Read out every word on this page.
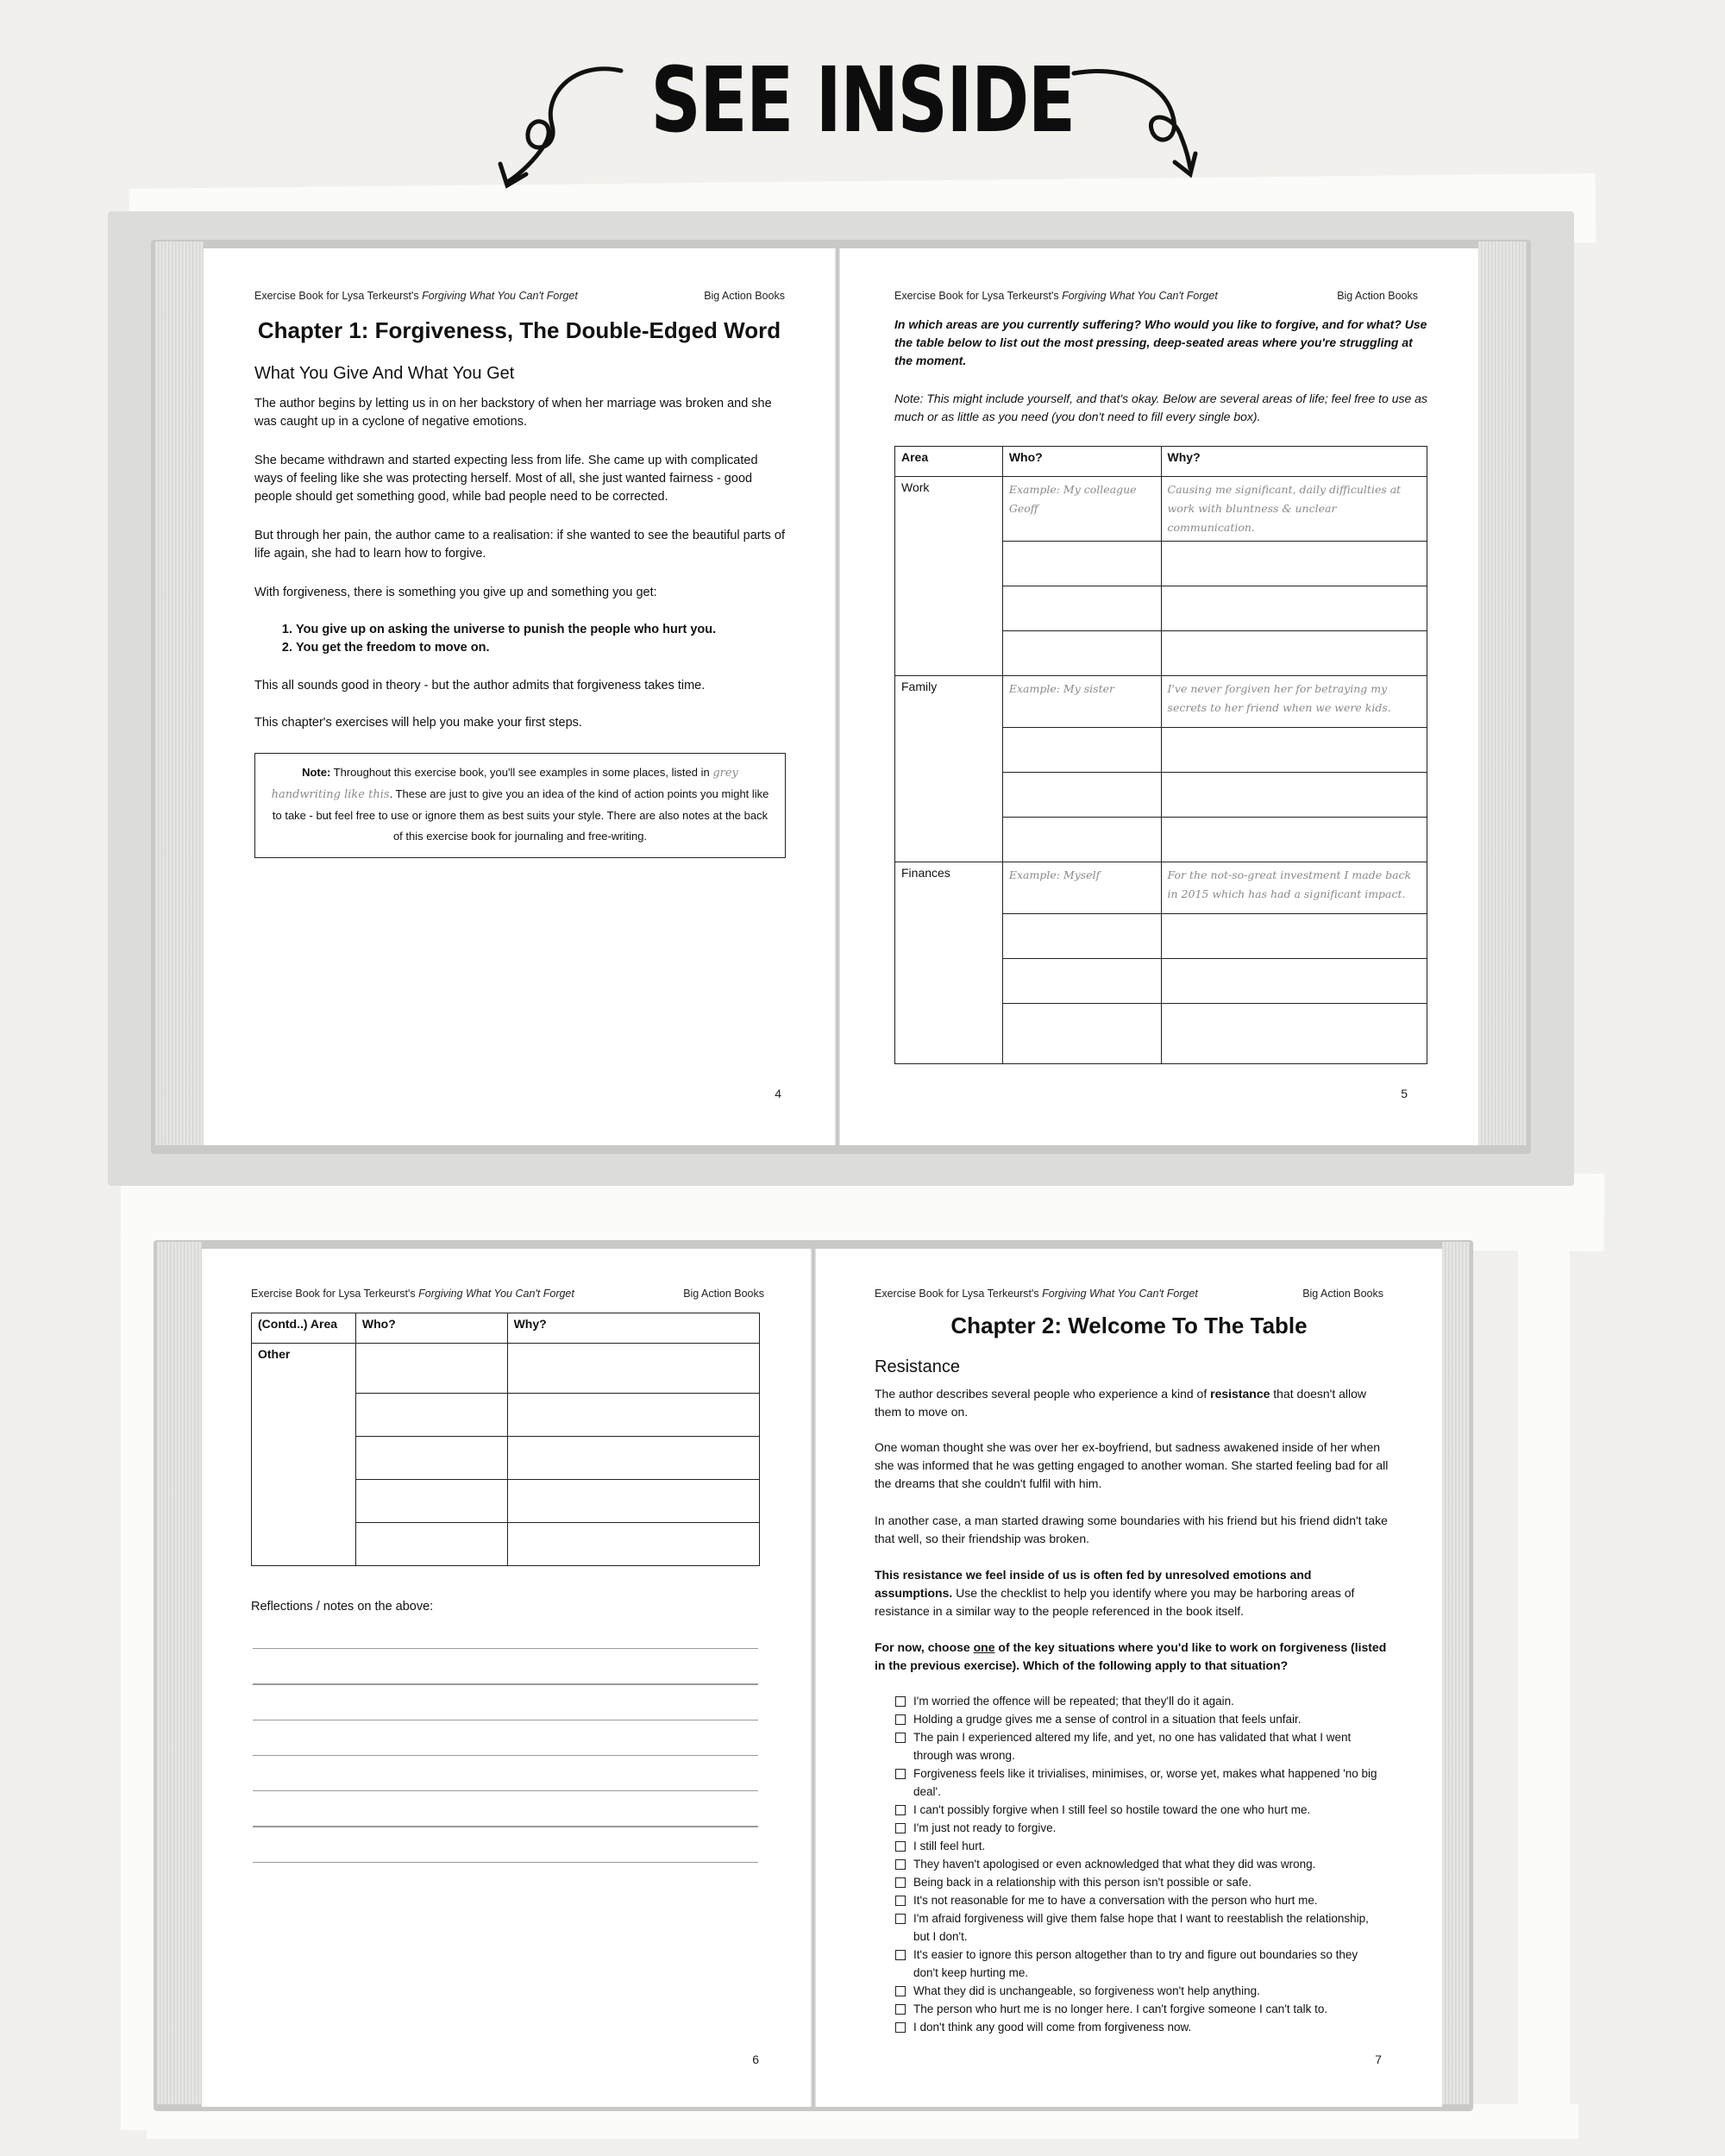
SEE INSIDE
Exercise Book for Lysa Terkeurst's Forgiving What You Can't Forget	Big Action Books
Chapter 1: Forgiveness, The Double-Edged Word
What You Give And What You Get
The author begins by letting us in on her backstory of when her marriage was broken and she was caught up in a cyclone of negative emotions.
She became withdrawn and started expecting less from life. She came up with complicated ways of feeling like she was protecting herself. Most of all, she just wanted fairness - good people should get something good, while bad people need to be corrected.
But through her pain, the author came to a realisation: if she wanted to see the beautiful parts of life again, she had to learn how to forgive.
With forgiveness, there is something you give up and something you get:
1. You give up on asking the universe to punish the people who hurt you.
2. You get the freedom to move on.
This all sounds good in theory - but the author admits that forgiveness takes time.
This chapter's exercises will help you make your first steps.
Note: Throughout this exercise book, you'll see examples in some places, listed in grey handwriting like this. These are just to give you an idea of the kind of action points you might like to take - but feel free to use or ignore them as best suits your style. There are also notes at the back of this exercise book for journaling and free-writing.
4
Exercise Book for Lysa Terkeurst's Forgiving What You Can't Forget	Big Action Books
In which areas are you currently suffering? Who would you like to forgive, and for what? Use the table below to list out the most pressing, deep-seated areas where you're struggling at the moment.
Note: This might include yourself, and that's okay. Below are several areas of life; feel free to use as much or as little as you need (you don't need to fill every single box).
Area	Who?	Why?
Work	Example: My colleague Geoff	Causing me significant, daily difficulties at work with bluntness & unclear communication.

Family	Example: My sister	I've never forgiven her for betraying my secrets to her friend when we were kids.

Finances	Example: Myself	For the not-so-great investment I made back in 2015 which has had a significant impact.

5
Exercise Book for Lysa Terkeurst's Forgiving What You Can't Forget	Big Action Books
(Contd..) Area	Who?	Why?
Other		

Reflections / notes on the above:
6
Exercise Book for Lysa Terkeurst's Forgiving What You Can't Forget	Big Action Books
Chapter 2: Welcome To The Table
Resistance
The author describes several people who experience a kind of resistance that doesn't allow them to move on.
One woman thought she was over her ex-boyfriend, but sadness awakened inside of her when she was informed that he was getting engaged to another woman. She started feeling bad for all the dreams that she couldn't fulfil with him.
In another case, a man started drawing some boundaries with his friend but his friend didn't take that well, so their friendship was broken.
This resistance we feel inside of us is often fed by unresolved emotions and assumptions. Use the checklist to help you identify where you may be harboring areas of resistance in a similar way to the people referenced in the book itself.
For now, choose one of the key situations where you'd like to work on forgiveness (listed in the previous exercise). Which of the following apply to that situation?
I'm worried the offence will be repeated; that they'll do it again.
Holding a grudge gives me a sense of control in a situation that feels unfair.
The pain I experienced altered my life, and yet, no one has validated that what I went through was wrong.
Forgiveness feels like it trivialises, minimises, or, worse yet, makes what happened 'no big deal'.
I can't possibly forgive when I still feel so hostile toward the one who hurt me.
I'm just not ready to forgive.
I still feel hurt.
They haven't apologised or even acknowledged that what they did was wrong.
Being back in a relationship with this person isn't possible or safe.
It's not reasonable for me to have a conversation with the person who hurt me.
I'm afraid forgiveness will give them false hope that I want to reestablish the relationship, but I don't.
It's easier to ignore this person altogether than to try and figure out boundaries so they don't keep hurting me.
What they did is unchangeable, so forgiveness won't help anything.
The person who hurt me is no longer here. I can't forgive someone I can't talk to.
I don't think any good will come from forgiveness now.
7
